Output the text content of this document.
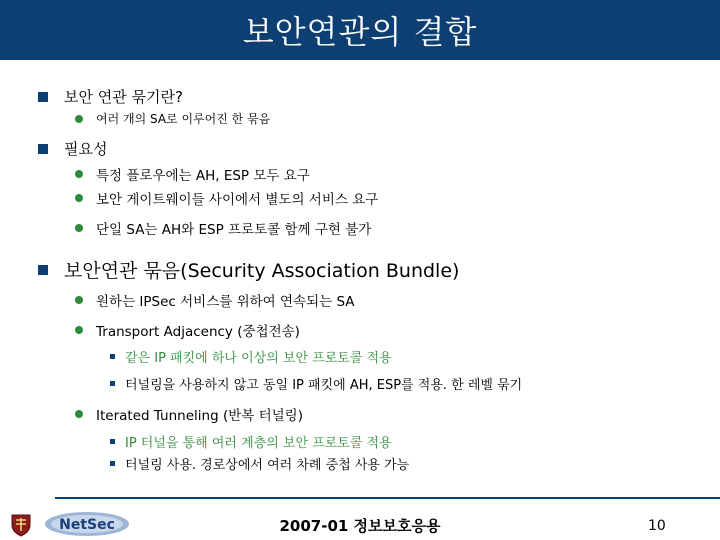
보안연관의 결합
보안 연관 묶기란?
여러 개의 SA로 이루어진 한 묶음
필요성
특정 플로우에는 AH, ESP 모두 요구
보안 게이트웨이들 사이에서 별도의 서비스 요구
단일 SA는 AH와 ESP 프로토콜 함께 구현 불가
보안연관 묶음(Security Association Bundle)
원하는 IPSec 서비스를 위하여 연속되는 SA
Transport Adjacency (중첩전송)
같은 IP 패킷에 하나 이상의 보안 프로토콜 적용
터널링을 사용하지 않고 동일 IP 패킷에 AH, ESP를 적용. 한 레벨 묶기
Iterated Tunneling (반복 터널링)
IP 터널을 통해 여러 계층의 보안 프로토콜 적용
터널링 사용. 경로상에서 여러 차례 중첩 사용 가능
NetSec	2007-01 정보보호응용	10
